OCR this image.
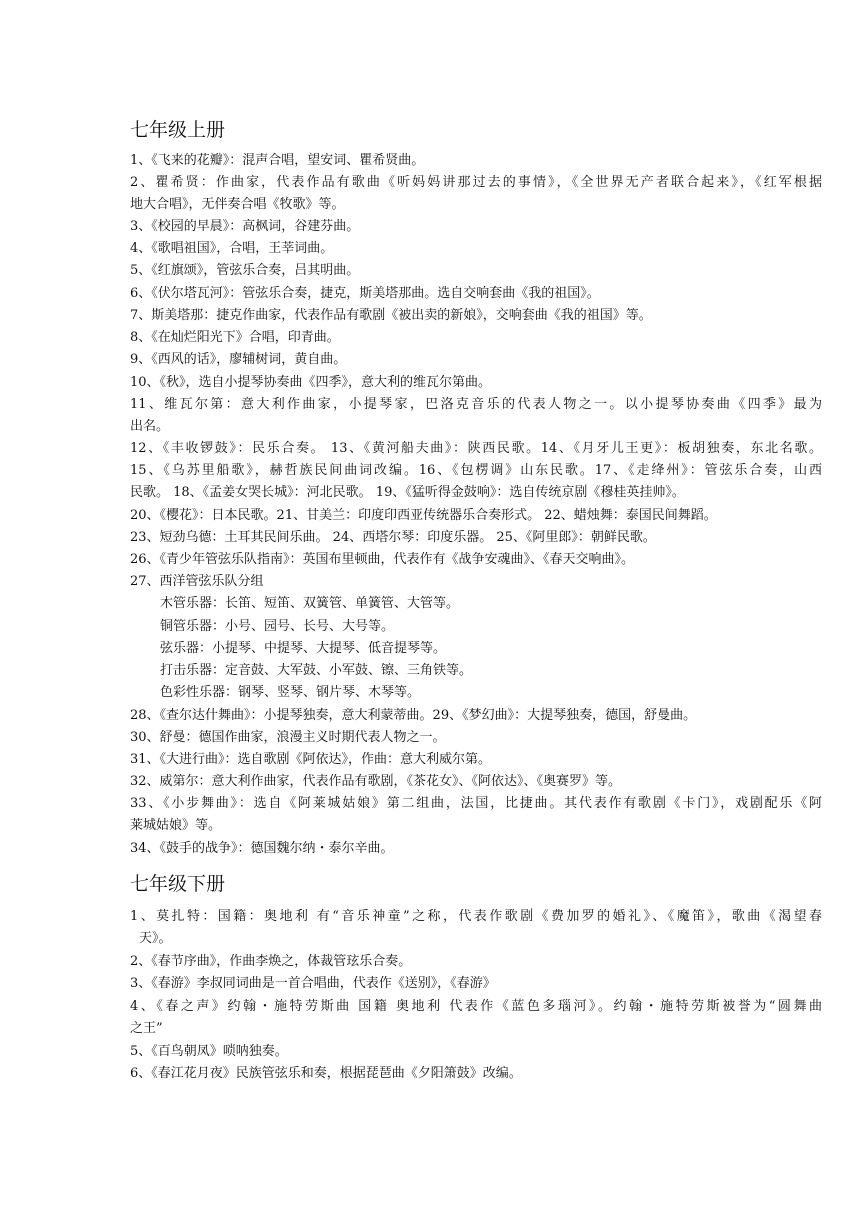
七年级上册
1、《飞来的花瓣》：混声合唱，望安词、瞿希贤曲。
2、瞿希贤：作曲家，代表作品有歌曲《听妈妈讲那过去的事情》，《全世界无产者联合起来》，《红军根据
地大合唱》，无伴奏合唱《牧歌》等。
3、《校园的早晨》：高枫词，谷建芬曲。
4、《歌唱祖国》，合唱，王莘词曲。
5、《红旗颂》，管弦乐合奏，吕其明曲。
6、《伏尔塔瓦河》：管弦乐合奏，捷克，斯美塔那曲。选自交响套曲《我的祖国》。
7、斯美塔那：捷克作曲家，代表作品有歌剧《被出卖的新娘》，交响套曲《我的祖国》等。
8、《在灿烂阳光下》合唱，印青曲。
9、《西风的话》，廖辅树词，黄自曲。
10、《秋》，选自小提琴协奏曲《四季》，意大利的维瓦尔第曲。
11、维瓦尔第：意大利作曲家，小提琴家，巴洛克音乐的代表人物之一。以小提琴协奏曲《四季》最为
出名。
12、《丰收锣鼓》：民乐合奏。 13、《黄河船夫曲》：陕西民歌。14、《月牙儿王更》：板胡独奏，东北名歌。
15、《乌苏里船歌》，赫哲族民间曲词改编。16、《包楞调》山东民歌。17、《走绛州》：管弦乐合奏，山西
民歌。 18、《孟姜女哭长城》：河北民歌。 19、《猛听得金鼓响》：选自传统京剧《穆桂英挂帅》。
20、《樱花》：日本民歌。21、甘美兰：印度印西亚传统器乐合奏形式。 22、蜡烛舞：泰国民间舞蹈。
23、短劲乌德：土耳其民间乐曲。 24、西塔尔琴：印度乐器。 25、《阿里郎》：朝鲜民歌。
26、《青少年管弦乐队指南》：英国布里顿曲，代表作有《战争安魂曲》、《春天交响曲》。
27、西洋管弦乐队分组
木管乐器：长笛、短笛、双簧管、单簧管、大管等。
铜管乐器：小号、园号、长号、大号等。
弦乐器：小提琴、中提琴、大提琴、低音提琴等。
打击乐器：定音鼓、大军鼓、小军鼓、镲、三角铁等。
色彩性乐器：钢琴、竖琴、钢片琴、木琴等。
28、《查尔达什舞曲》：小提琴独奏，意大利蒙蒂曲。29、《梦幻曲》：大提琴独奏，德国，舒曼曲。
30、舒曼：德国作曲家，浪漫主义时期代表人物之一。
31、《大进行曲》：选自歌剧《阿依达》，作曲：意大利威尔第。
32、威第尔：意大利作曲家，代表作品有歌剧，《茶花女》、《阿依达》、《奥赛罗》等。
33、《小步舞曲》：选自《阿莱城姑娘》第二组曲，法国，比捷曲。其代表作有歌剧《卡门》，戏剧配乐《阿
莱城姑娘》等。
34、《鼓手的战争》：德国魏尔纳・泰尔辛曲。
七年级下册
1、莫扎特：国籍：奥地利 有“音乐神童”之称，代表作歌剧《费加罗的婚礼》、《魔笛》，歌曲《渴望春
天》。
2、《春节序曲》，作曲李焕之，体裁管玹乐合奏。
3、《春游》李叔同词曲是一首合唱曲，代表作《送别》，《春游》
4、《春之声》约翰・施特劳斯曲 国籍 奥地利 代表作《蓝色多瑙河》。约翰・施特劳斯被誉为“圆舞曲
之王”
5、《百鸟朝凤》唢呐独奏。
6、《春江花月夜》民族管弦乐和奏，根据琵琶曲《夕阳箫鼓》改编。
